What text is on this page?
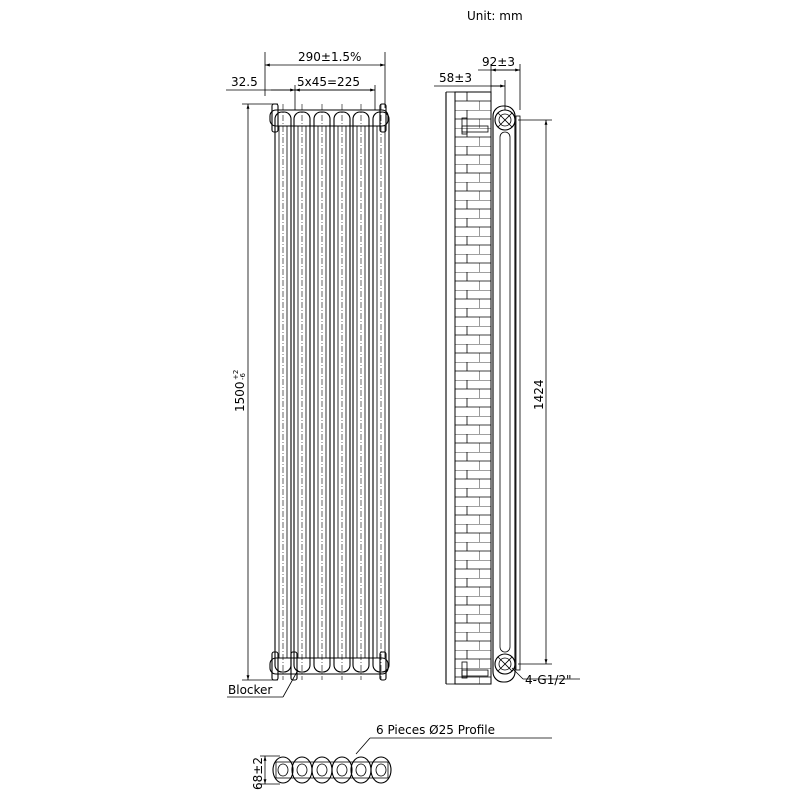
Unit: mm
290±1.5%
32.5	5x45=225
1500
+2 -6
Blocker
92±3
58±3
1424
4-G1/2"
6 Pieces Ø25 Profile
68±2
